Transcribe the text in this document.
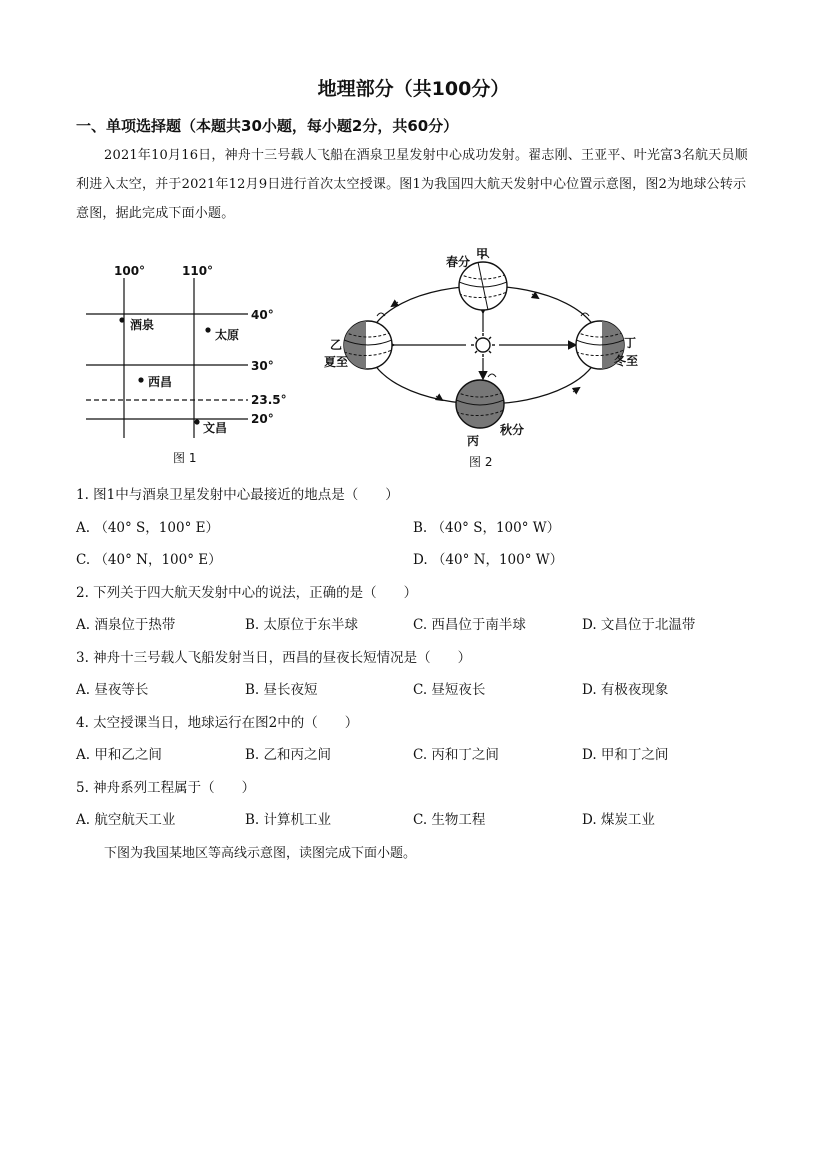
地理部分（共100分）
一、单项选择题（本题共30小题，每小题2分，共60分）
2021年10月16日，神舟十三号载人飞船在酒泉卫星发射中心成功发射。翟志刚、王亚平、叶光富3名航天员顺利进入太空，并于2021年12月9日进行首次太空授课。图1为我国四大航天发射中心位置示意图，图2为地球公转示意图，据此完成下面小题。
100°	110°
40°
30°
23.5°
20°
酒泉
太原
西昌
文昌
图 1
春分
甲
乙
夏至
丁
冬至
丙
秋分
图 2
1. 图1中与酒泉卫星发射中心最接近的地点是（　　）
A. （40° S，100° E）	B. （40° S，100° W）
C. （40° N，100° E）	D. （40° N，100° W）
2. 下列关于四大航天发射中心的说法，正确的是（　　）
A. 酒泉位于热带	B. 太原位于东半球	C. 西昌位于南半球	D. 文昌位于北温带
3. 神舟十三号载人飞船发射当日，西昌的昼夜长短情况是（　　）
A. 昼夜等长	B. 昼长夜短	C. 昼短夜长	D. 有极夜现象
4. 太空授课当日，地球运行在图2中的（　　）
A. 甲和乙之间	B. 乙和丙之间	C. 丙和丁之间	D. 甲和丁之间
5. 神舟系列工程属于（　　）
A. 航空航天工业	B. 计算机工业	C. 生物工程	D. 煤炭工业
下图为我国某地区等高线示意图，读图完成下面小题。
